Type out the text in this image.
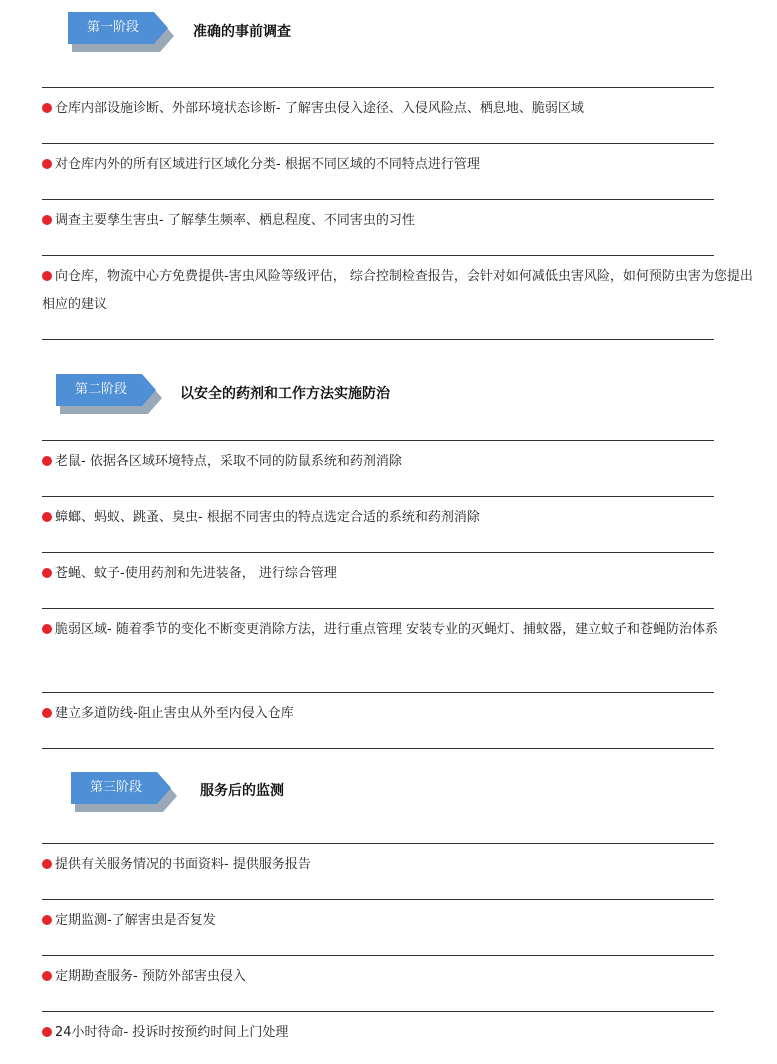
第一阶段	准确的事前调查
仓库内部设施诊断、外部环境状态诊断- 了解害虫侵入途径、入侵风险点、栖息地、脆弱区域
对仓库内外的所有区域进行区域化分类- 根据不同区域的不同特点进行管理
调查主要孳生害虫- 了解孳生频率、栖息程度、不同害虫的习性
向仓库，物流中心方免费提供-害虫风险等级评估， 综合控制检查报告，会针对如何减低虫害风险，如何预防虫害为您提出相应的建议
第二阶段	以安全的药剂和工作方法实施防治
老鼠- 依据各区域环境特点，采取不同的防鼠系统和药剂消除
蟑螂、蚂蚁、跳蚤、臭虫- 根据不同害虫的特点选定合适的系统和药剂消除
苍蝇、蚊子-使用药剂和先进装备， 进行综合管理
脆弱区域- 随着季节的变化不断变更消除方法，进行重点管理 安装专业的灭蝇灯、捕蚊器，建立蚊子和苍蝇防治体系
建立多道防线-阻止害虫从外至内侵入仓库
第三阶段	服务后的监测
提供有关服务情况的书面资料- 提供服务报告
定期监测-了解害虫是否复发
定期勘查服务- 预防外部害虫侵入
24小时待命- 投诉时按预约时间上门处理
